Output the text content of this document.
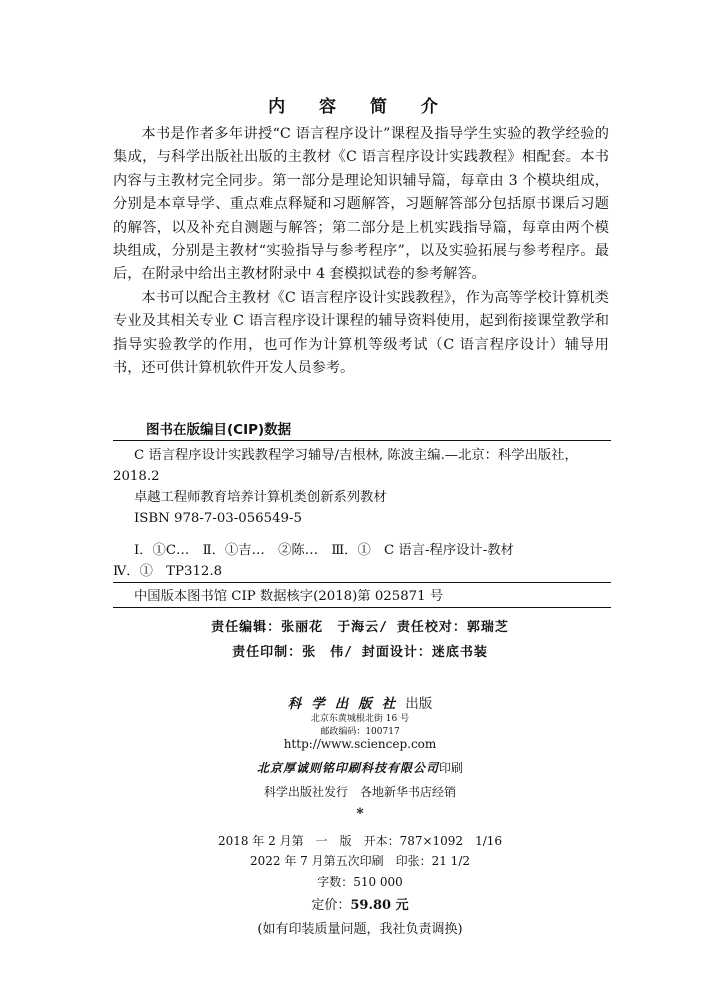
内 容 简 介

本书是作者多年讲授“C 语言程序设计”课程及指导学生实验的教学经验的集成，与科学出版社出版的主教材《C 语言程序设计实践教程》相配套。本书内容与主教材完全同步。第一部分是理论知识辅导篇，每章由 3 个模块组成，分别是本章导学、重点难点释疑和习题解答，习题解答部分包括原书课后习题的解答，以及补充自测题与解答；第二部分是上机实践指导篇，每章由两个模块组成，分别是主教材“实验指导与参考程序”，以及实验拓展与参考程序。最后，在附录中给出主教材附录中 4 套模拟试卷的参考解答。

本书可以配合主教材《C 语言程序设计实践教程》，作为高等学校计算机类专业及其相关专业 C 语言程序设计课程的辅导资料使用，起到衔接课堂教学和指导实验教学的作用，也可作为计算机等级考试（C 语言程序设计）辅导用书，还可供计算机软件开发人员参考。

图书在版编目(CIP)数据
C 语言程序设计实践教程学习辅导/吉根林, 陈波主编.—北京：科学出版社，
2018.2
卓越工程师教育培养计算机类创新系列教材
ISBN 978-7-03-056549-5
Ⅰ．①C…　Ⅱ．①吉…　②陈…　Ⅲ．①　C 语言-程序设计-教材
Ⅳ．①　TP312.8
中国版本图书馆 CIP 数据核字(2018)第 025871 号
责任编辑：张丽花　于海云/ 责任校对：郭瑞芝
责任印制：张　伟/ 封面设计：迷底书装
科学出版社出版
北京东黄城根北街 16 号
邮政编码：100717
http://www.sciencep.com
北京厚诚则铭印刷科技有限公司印刷
科学出版社发行　各地新华书店经销
*
2018 年 2 月第　一　版　开本：787×1092　1/16
2022 年 7 月第五次印刷　印张：21 1/2
字数：510 000
定价：59.80 元
(如有印装质量问题，我社负责调换)
